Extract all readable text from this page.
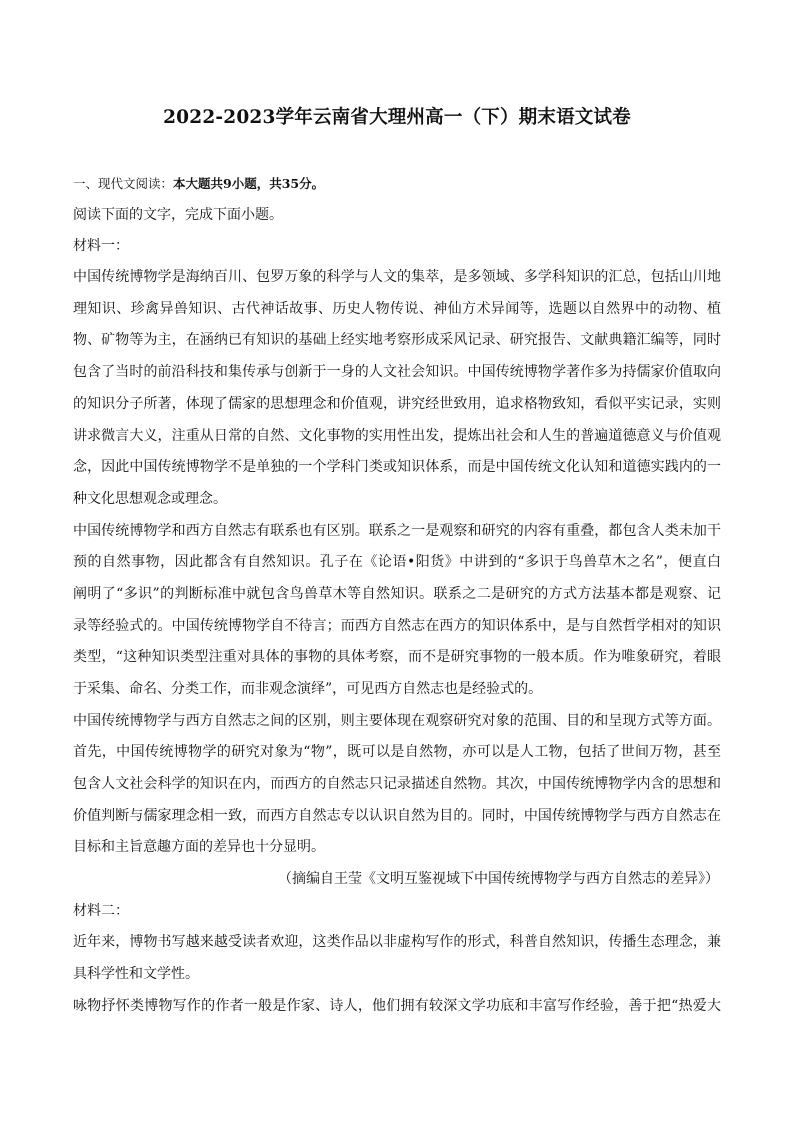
2022-2023学年云南省大理州高一（下）期末语文试卷
一、现代文阅读：本大题共9小题，共35分。
阅读下面的文字，完成下面小题。
材料一：
中国传统博物学是海纳百川、包罗万象的科学与人文的集萃，是多领域、多学科知识的汇总，包括山川地
理知识、珍禽异兽知识、古代神话故事、历史人物传说、神仙方术异闻等，选题以自然界中的动物、植
物、矿物等为主，在涵纳已有知识的基础上经实地考察形成采风记录、研究报告、文献典籍汇编等，同时
包含了当时的前沿科技和集传承与创新于一身的人文社会知识。中国传统博物学著作多为持儒家价值取向
的知识分子所著，体现了儒家的思想理念和价值观，讲究经世致用，追求格物致知，看似平实记录，实则
讲求微言大义，注重从日常的自然、文化事物的实用性出发，提炼出社会和人生的普遍道德意义与价值观
念，因此中国传统博物学不是单独的一个学科门类或知识体系，而是中国传统文化认知和道德实践内的一
种文化思想观念或理念。
中国传统博物学和西方自然志有联系也有区别。联系之一是观察和研究的内容有重叠，都包含人类未加干
预的自然事物，因此都含有自然知识。孔子在《论语•阳货》中讲到的“多识于鸟兽草木之名”，便直白
阐明了“多识”的判断标准中就包含鸟兽草木等自然知识。联系之二是研究的方式方法基本都是观察、记
录等经验式的。中国传统博物学自不待言；而西方自然志在西方的知识体系中，是与自然哲学相对的知识
类型，“这种知识类型注重对具体的事物的具体考察，而不是研究事物的一般本质。作为唯象研究，着眼
于采集、命名、分类工作，而非观念演绎”，可见西方自然志也是经验式的。
中国传统博物学与西方自然志之间的区别，则主要体现在观察研究对象的范围、目的和呈现方式等方面。
首先，中国传统博物学的研究对象为“物”，既可以是自然物，亦可以是人工物，包括了世间万物，甚至
包含人文社会科学的知识在内，而西方的自然志只记录描述自然物。其次，中国传统博物学内含的思想和
价值判断与儒家理念相一致，而西方自然志专以认识自然为目的。同时，中国传统博物学与西方自然志在
目标和主旨意趣方面的差异也十分显明。
（摘编自王莹《文明互鉴视域下中国传统博物学与西方自然志的差异》）
材料二：
近年来，博物书写越来越受读者欢迎，这类作品以非虚构写作的形式，科普自然知识，传播生态理念，兼
具科学性和文学性。
咏物抒怀类博物写作的作者一般是作家、诗人，他们拥有较深文学功底和丰富写作经验，善于把“热爱大
